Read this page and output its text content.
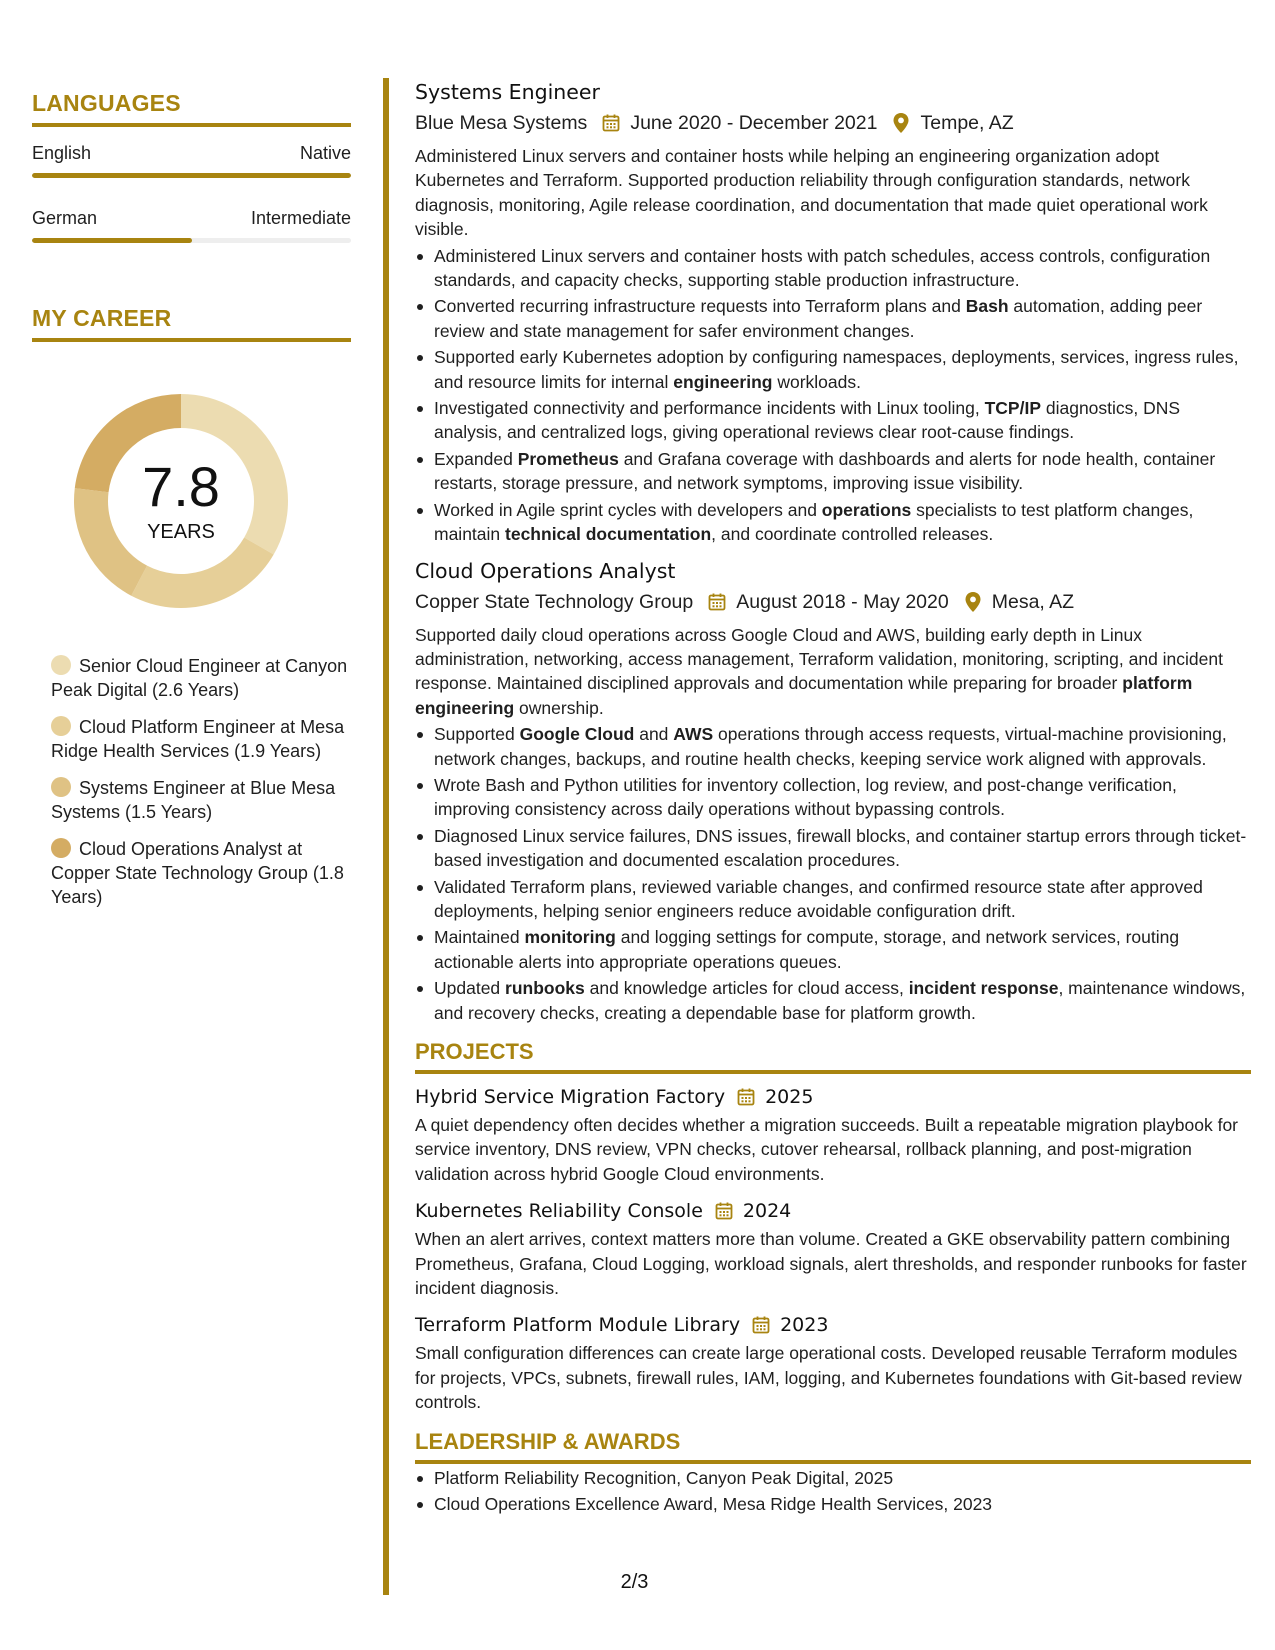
LANGUAGES
English	Native
German	Intermediate
MY CAREER
7.8
YEARS
Senior Cloud Engineer at Canyon Peak Digital (2.6 Years)
Cloud Platform Engineer at Mesa Ridge Health Services (1.9 Years)
Systems Engineer at Blue Mesa Systems (1.5 Years)
Cloud Operations Analyst at Copper State Technology Group (1.8 Years)
Systems Engineer
Blue Mesa Systems June 2020 - December 2021 Tempe, AZ
Administered Linux servers and container hosts while helping an engineering organization adopt Kubernetes and Terraform. Supported production reliability through configuration standards, network diagnosis, monitoring, Agile release coordination, and documentation that made quiet operational work visible.
Administered Linux servers and container hosts with patch schedules, access controls, configuration standards, and capacity checks, supporting stable production infrastructure.
Converted recurring infrastructure requests into Terraform plans and Bash automation, adding peer review and state management for safer environment changes.
Supported early Kubernetes adoption by configuring namespaces, deployments, services, ingress rules, and resource limits for internal engineering workloads.
Investigated connectivity and performance incidents with Linux tooling, TCP/IP diagnostics, DNS analysis, and centralized logs, giving operational reviews clear root-cause findings.
Expanded Prometheus and Grafana coverage with dashboards and alerts for node health, container restarts, storage pressure, and network symptoms, improving issue visibility.
Worked in Agile sprint cycles with developers and operations specialists to test platform changes, maintain technical documentation, and coordinate controlled releases.
Cloud Operations Analyst
Copper State Technology Group August 2018 - May 2020 Mesa, AZ
Supported daily cloud operations across Google Cloud and AWS, building early depth in Linux administration, networking, access management, Terraform validation, monitoring, scripting, and incident response. Maintained disciplined approvals and documentation while preparing for broader platform engineering ownership.
Supported Google Cloud and AWS operations through access requests, virtual-machine provisioning, network changes, backups, and routine health checks, keeping service work aligned with approvals.
Wrote Bash and Python utilities for inventory collection, log review, and post-change verification, improving consistency across daily operations without bypassing controls.
Diagnosed Linux service failures, DNS issues, firewall blocks, and container startup errors through ticket-based investigation and documented escalation procedures.
Validated Terraform plans, reviewed variable changes, and confirmed resource state after approved deployments, helping senior engineers reduce avoidable configuration drift.
Maintained monitoring and logging settings for compute, storage, and network services, routing actionable alerts into appropriate operations queues.
Updated runbooks and knowledge articles for cloud access, incident response, maintenance windows, and recovery checks, creating a dependable base for platform growth.
PROJECTS
Hybrid Service Migration Factory 2025
A quiet dependency often decides whether a migration succeeds. Built a repeatable migration playbook for service inventory, DNS review, VPN checks, cutover rehearsal, rollback planning, and post-migration validation across hybrid Google Cloud environments.
Kubernetes Reliability Console 2024
When an alert arrives, context matters more than volume. Created a GKE observability pattern combining Prometheus, Grafana, Cloud Logging, workload signals, alert thresholds, and responder runbooks for faster incident diagnosis.
Terraform Platform Module Library 2023
Small configuration differences can create large operational costs. Developed reusable Terraform modules for projects, VPCs, subnets, firewall rules, IAM, logging, and Kubernetes foundations with Git-based review controls.
LEADERSHIP & AWARDS
Platform Reliability Recognition, Canyon Peak Digital, 2025
Cloud Operations Excellence Award, Mesa Ridge Health Services, 2023
2/3
